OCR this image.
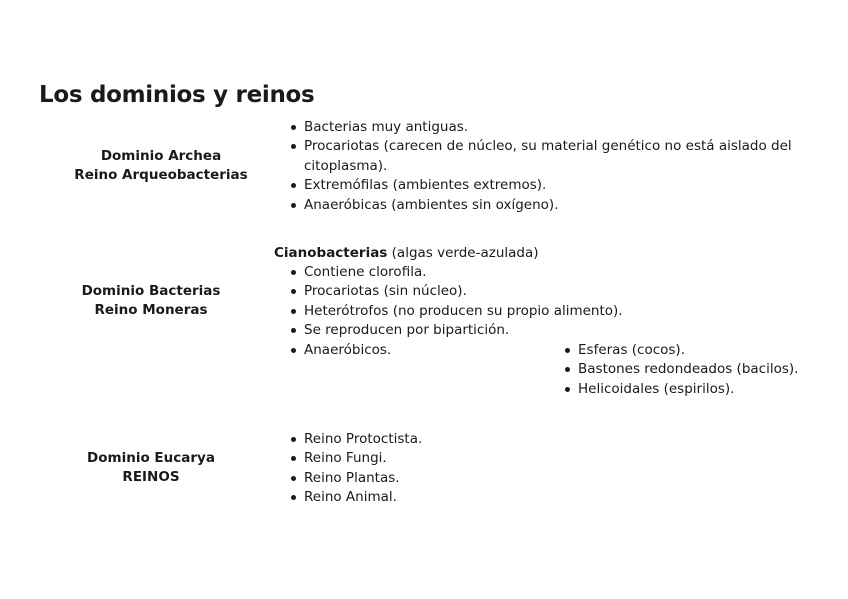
Los dominios y reinos
Dominio Archea
Reino Arqueobacterias
Bacterias muy antiguas.
Procariotas (carecen de núcleo, su material genético no está aislado del citoplasma).
Extremófilas (ambientes extremos).
Anaeróbicas (ambientes sin oxígeno).
Cianobacterias (algas verde-azulada)
Dominio Bacterias
Reino Moneras
Contiene clorofila.
Procariotas (sin núcleo).
Heterótrofos (no producen su propio alimento).
Se reproducen por bipartición.
Anaeróbicos.	Esferas (cocos).
Bastones redondeados (bacilos).
Helicoidales (espirilos).
Dominio Eucarya
REINOS
Reino Protoctista.
Reino Fungi.
Reino Plantas.
Reino Animal.
